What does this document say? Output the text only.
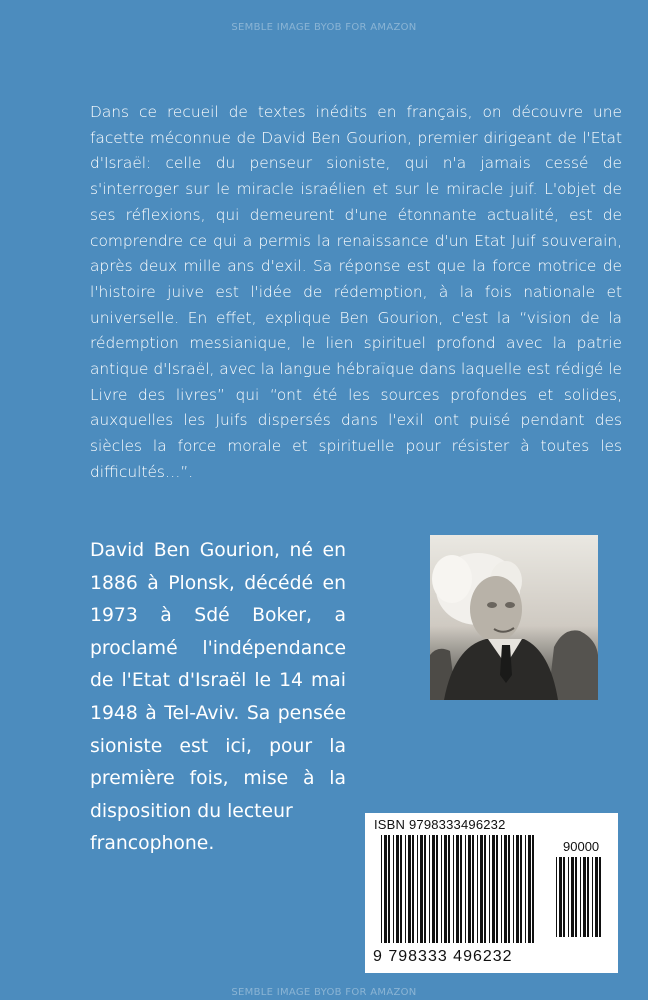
SEMBLE IMAGE BYOB FOR AMAZON
Dans ce recueil de textes inédits en français, on découvre une facette méconnue de David Ben Gourion, premier dirigeant de l'Etat d'Israël: celle du penseur sioniste, qui n'a jamais cessé de s'interroger sur le miracle israélien et sur le miracle juif. L'objet de ses réflexions, qui demeurent d'une étonnante actualité, est de comprendre ce qui a permis la renaissance d'un Etat Juif souverain, après deux mille ans d'exil. Sa réponse est que la force motrice de l'histoire juive est l'idée de rédemption, à la fois nationale et universelle. En effet, explique Ben Gourion, c'est la “vision de la rédemption messianique, le lien spirituel profond avec la patrie antique d'Israël, avec la langue hébraïque dans laquelle est rédigé le Livre des livres” qui “ont été les sources profondes et solides, auxquelles les Juifs dispersés dans l'exil ont puisé pendant des siècles la force morale et spirituelle pour résister à toutes les difficultés…”.
David Ben Gourion, né en 1886 à Plonsk, décédé en 1973 à Sdé Boker, a proclamé l'indépendance de l'Etat d'Israël le 14 mai 1948 à Tel-Aviv. Sa pensée sioniste est ici, pour la première fois, mise à la disposition du lecteur
francophone.
ISBN 9798333496232
90000
9 798333 496232
SEMBLE IMAGE BYOB FOR AMAZON
